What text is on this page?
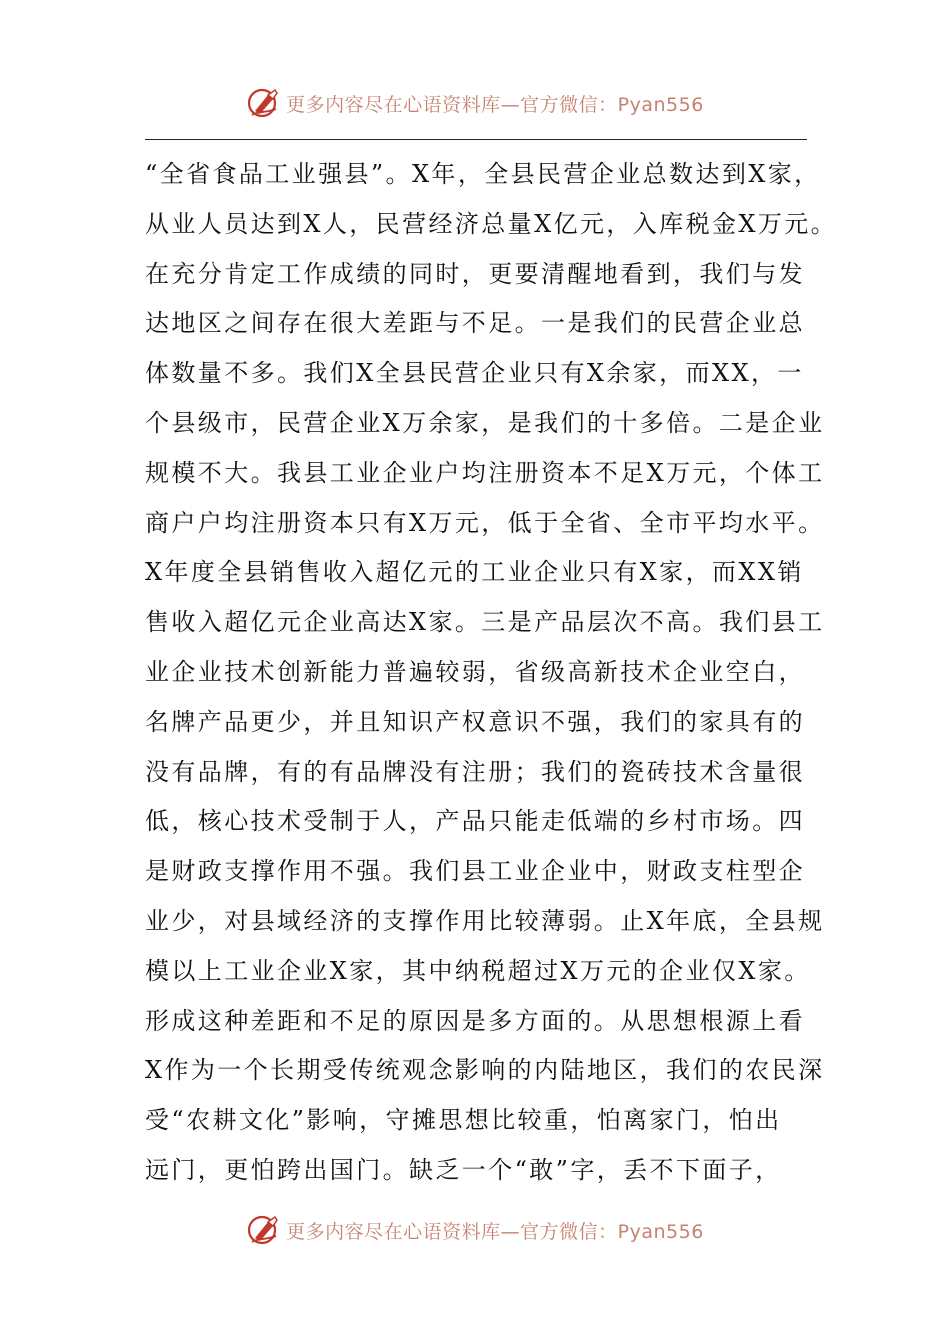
更多内容尽在心语资料库—官方微信：Pyan556
“全省食品工业强县”。X年，全县民营企业总数达到X家，
从业人员达到X人，民营经济总量X亿元，入库税金X万元。
在充分肯定工作成绩的同时，更要清醒地看到，我们与发
达地区之间存在很大差距与不足。一是我们的民营企业总
体数量不多。我们X全县民营企业只有X余家，而XX，一
个县级市，民营企业X万余家，是我们的十多倍。二是企业
规模不大。我县工业企业户均注册资本不足X万元，个体工
商户户均注册资本只有X万元，低于全省、全市平均水平。
X年度全县销售收入超亿元的工业企业只有X家，而XX销
售收入超亿元企业高达X家。三是产品层次不高。我们县工
业企业技术创新能力普遍较弱，省级高新技术企业空白，
名牌产品更少，并且知识产权意识不强，我们的家具有的
没有品牌，有的有品牌没有注册；我们的瓷砖技术含量很
低，核心技术受制于人，产品只能走低端的乡村市场。四
是财政支撑作用不强。我们县工业企业中，财政支柱型企
业少，对县域经济的支撑作用比较薄弱。止X年底，全县规
模以上工业企业X家，其中纳税超过X万元的企业仅X家。
形成这种差距和不足的原因是多方面的。从思想根源上看
X作为一个长期受传统观念影响的内陆地区，我们的农民深
受“农耕文化”影响，守摊思想比较重，怕离家门，怕出
远门，更怕跨出国门。缺乏一个“敢”字，丢不下面子，
更多内容尽在心语资料库—官方微信：Pyan556
